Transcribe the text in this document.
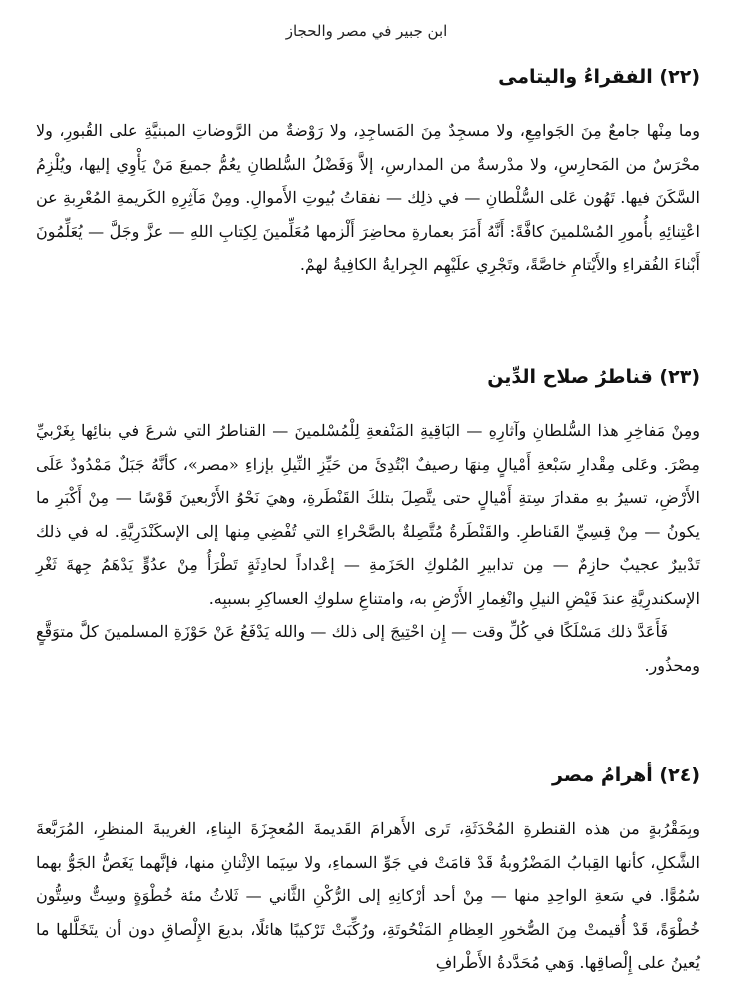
ابن جبير في مصر والحجاز
(٢٢) الفقراءُ واليتامى

وما مِنْها جامعٌ مِنَ الجَوامِعِ، ولا مسجِدٌ مِنَ المَساجِدِ، ولا رَوْضةٌ من الرَّوضاتِ المبنيَّةِ على القُبورِ، ولا محْرَسٌ من المَحارِسِ، ولا مدْرسةٌ من المدارسِ، إلاَّ وَفَضْلُ السُّلطانِ يعُمُّ جميعَ مَنْ يَأْوِي إليها، ويُلْزِمُ السَّكَنَ فيها. تَهُون عَلى السُّلْطانِ — في ذلِك — نفقاتُ بُيوتِ الأَموالِ. ومِنْ مَآثِرِهِ الكَريمةِ المُعْرِبةِ عن اعْتِنائِهِ بأُمورِ المُسْلمينَ كافَّةً: أَنَّهُ أَمَرَ بعمارةِ محاضِرَ أَلْزمها مُعَلِّمينَ لِكِتابِ اللهِ — عزَّ وجَلَّ — يُعَلِّمُونَ أَبْناءَ الفُقراءِ والأَيْتامِ خاصَّةً، وتَجْرِي علَيْهِم الجِرايةُ الكافِيةُ لهمْ.

(٢٣) قناطرُ صلاح الدِّين

ومِنْ مَفاخِرِ هذا السُّلطانِ وآثارِهِ — البَاقِيةِ المَنْفعةِ لِلْمُسْلمينَ — القناطرُ التي شرعَ في بنائِها بِغَرْبيِّ مِصْرَ. وعَلى مِقْدارِ سَبْعةِ أَمْيالٍ مِنهَا رصيفٌ ابْتُدِئَ من حَيِّزِ النِّيلِ بإزاءِ «مصر»، كأنَّهُ جَبَلٌ مَمْدُودٌ عَلَى الأَرْضِ، تسيرُ بهِ مقدارَ سِتةِ أَمْيالٍ حتى يتَّصِلَ بتلكَ القَنْطَرةِ، وهيَ نَحْوُ الأَرْبعينَ قَوْسًا — مِنْ أَكْبَرِ ما يكونُ — مِنْ قِسِيِّ القَناطرِ. والقَنْطَرةُ مُتَّصِلةٌ بالصَّحْراءِ التي تُفْضِي مِنها إلى الإسكَنْدَرِيَّةِ. له في ذلك تَدْبيرٌ عجيبٌ حازِمٌ — مِن تدابيرِ المُلوكِ الحَزَمةِ — إعْداداً لحادِثَةٍ تَطْرَأُ مِنْ عدُوٍّ يَدْهَمُ جِهةَ ثَغْرِ الإسكندرِيَّةِ عندَ فَيْضِ النيلِ وانْغِمارِ الأَرْضِ به، وامتناعِ سلوكِ العساكِرِ بسببِه.

فَأَعَدَّ ذلك مَسْلَكًا في كُلِّ وقت — إِن احْتِيجَ إلى ذلك — والله يَدْفَعُ عَنْ حَوْزَةِ المسلمينَ كلَّ متوَقَّعٍ ومحذُور.

(٢٤) أهرامُ مصر

وبِمَقْرُبةٍ من هذه القنطرةِ المُحْدَثَةِ، تَرى الأَهرامَ القَديمةَ المُعجِزَةَ البِناءِ، الغريبةَ المنظرِ، المُرَبَّعةَ الشَّكلِ، كأنها القِبابُ المَضْرُوبةُ قَدْ قامَتْ في جَوِّ السماءِ، ولا سِيَما الاِثْنانِ منها، فإنَّهما يَغَصُّ الجَوُّ بهما سُمُوًّا. في سَعةِ الواحِدِ منها — مِنْ أحد أرْكانِهِ إلى الرُّكْنِ الثَّاني — ثَلاثُ مئة خُطْوَةٍ وسِتٌّ وسِتُّون خُطْوَةً، قَدْ أُقيمتْ مِنَ الصُّخورِ العِظامِ المَنْحُوتَةِ، ورُكِّبَتْ تَرْكيبًا هائلًا، بديعَ الإِلْصاقِ دون أن يتَخَلَّلها ما يُعينُ على إِلْصاقِها. وَهي مُحَدَّدةُ الأَطْرافِ
